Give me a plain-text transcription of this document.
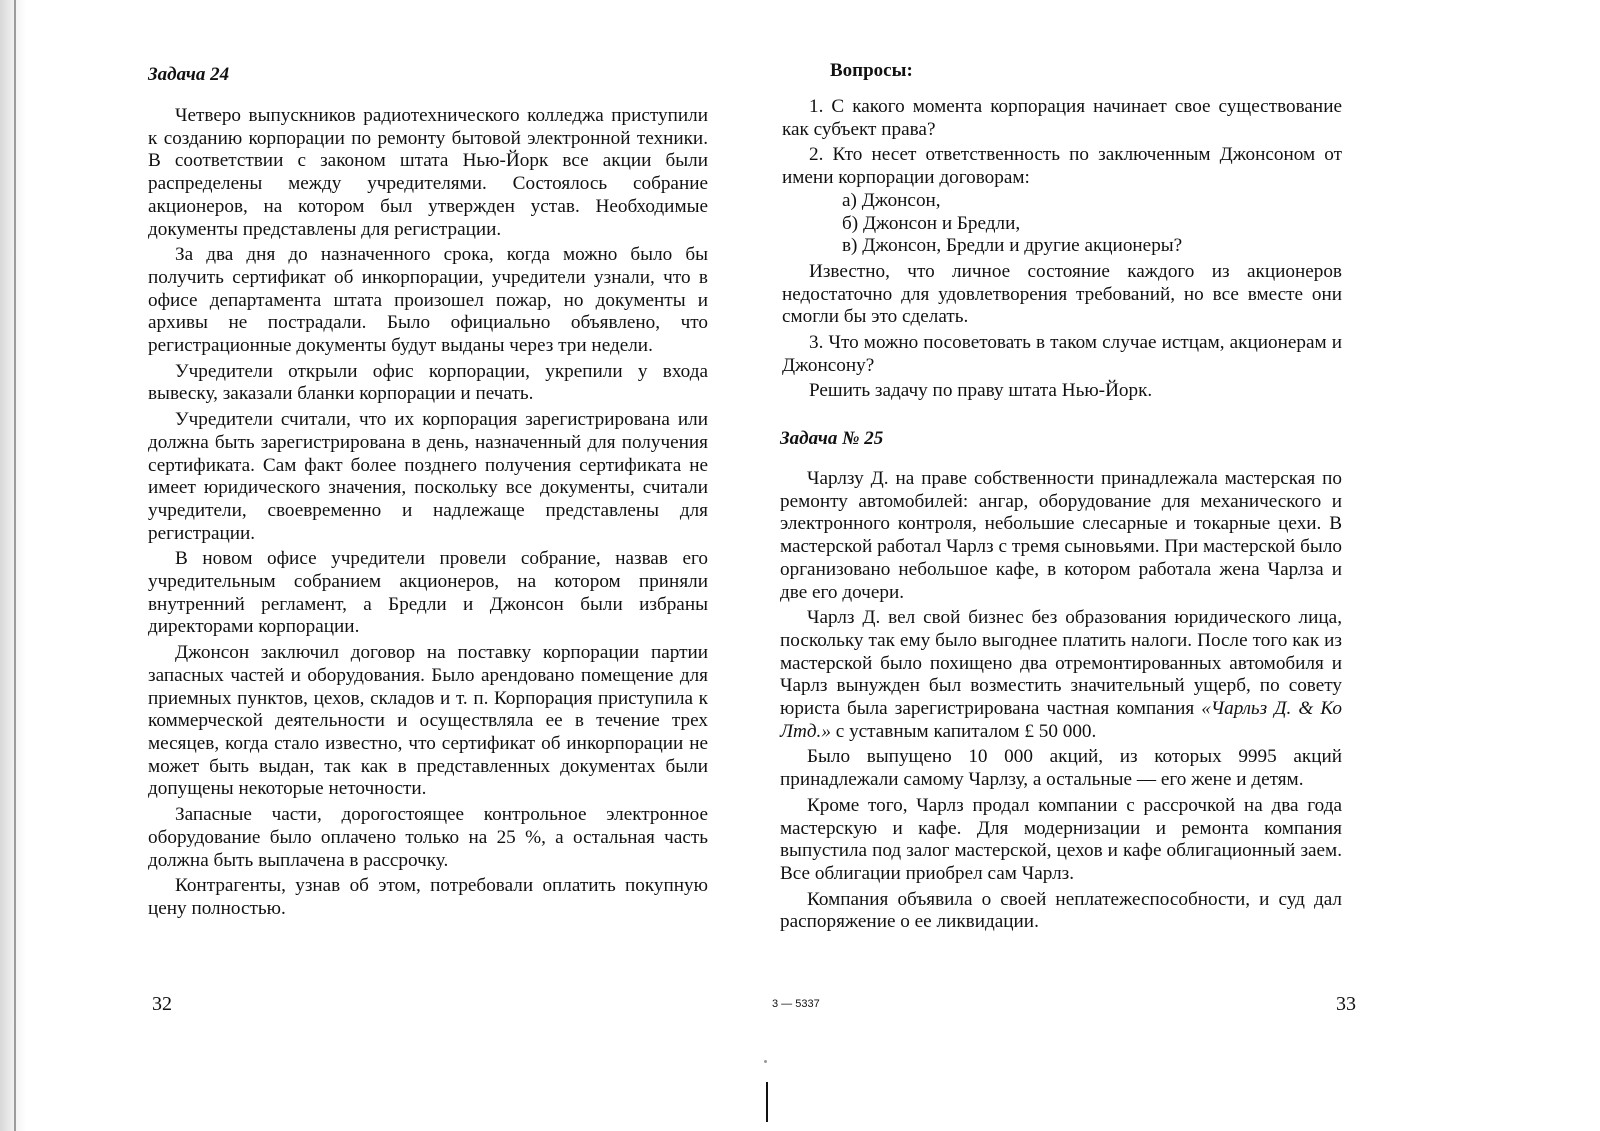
Задача 24

Четверо выпускников радиотехнического колледжа приступили к созданию корпорации по ремонту бытовой электронной техники. В соответствии с законом штата Нью-Йорк все акции были распределены между учредителями. Состоялось собрание акционеров, на котором был утвержден устав. Необходимые документы представлены для регистрации.

За два дня до назначенного срока, когда можно было бы получить сертификат об инкорпорации, учредители узнали, что в офисе департамента штата произошел пожар, но документы и архивы не пострадали. Было официально объявлено, что регистрационные документы будут выданы через три недели.

Учредители открыли офис корпорации, укрепили у входа вывеску, заказали бланки корпорации и печать.

Учредители считали, что их корпорация зарегистрирована или должна быть зарегистрирована в день, назначенный для получения сертификата. Сам факт более позднего получения сертификата не имеет юридического значения, поскольку все документы, считали учредители, своевременно и надлежаще представлены для регистрации.

В новом офисе учредители провели собрание, назвав его учредительным собранием акционеров, на котором приняли внутренний регламент, а Бредли и Джонсон были избраны директорами корпорации.

Джонсон заключил договор на поставку корпорации партии запасных частей и оборудования. Было арендовано помещение для приемных пунктов, цехов, складов и т. п. Корпорация приступила к коммерческой деятельности и осуществляла ее в течение трех месяцев, когда стало известно, что сертификат об инкорпорации не может быть выдан, так как в представленных документах были допущены некоторые неточности.

Запасные части, дорогостоящее контрольное электронное оборудование было оплачено только на 25 %, а остальная часть должна быть выплачена в рассрочку.

Контрагенты, узнав об этом, потребовали оплатить покупную цену полностью.

32

Вопросы:

1. С какого момента корпорация начинает свое существование как субъект права?

2. Кто несет ответственность по заключенным Джонсоном от имени корпорации договорам:

а) Джонсон,

б) Джонсон и Бредли,

в) Джонсон, Бредли и другие акционеры?

Известно, что личное состояние каждого из акционеров недостаточно для удовлетворения требований, но все вместе они смогли бы это сделать.

3. Что можно посоветовать в таком случае истцам, акционерам и Джонсону?

Решить задачу по праву штата Нью-Йорк.

Задача № 25

Чарлзу Д. на праве собственности принадлежала мастерская по ремонту автомобилей: ангар, оборудование для механического и электронного контроля, небольшие слесарные и токарные цехи. В мастерской работал Чарлз с тремя сыновьями. При мастерской было организовано небольшое кафе, в котором работала жена Чарлза и две его дочери.

Чарлз Д. вел свой бизнес без образования юридического лица, поскольку так ему было выгоднее платить налоги. После того как из мастерской было похищено два отремонтированных автомобиля и Чарлз вынужден был возместить значительный ущерб, по совету юриста была зарегистрирована частная компания «Чарльз Д. & Ко Лтд.» с уставным капиталом £ 50 000.

Было выпущено 10 000 акций, из которых 9995 акций принадлежали самому Чарлзу, а остальные — его жене и детям.

Кроме того, Чарлз продал компании с рассрочкой на два года мастерскую и кафе. Для модернизации и ремонта компания выпустила под залог мастерской, цехов и кафе облигационный заем. Все облигации приобрел сам Чарлз.

Компания объявила о своей неплатежеспособности, и суд дал распоряжение о ее ликвидации.

3 — 5337	33
